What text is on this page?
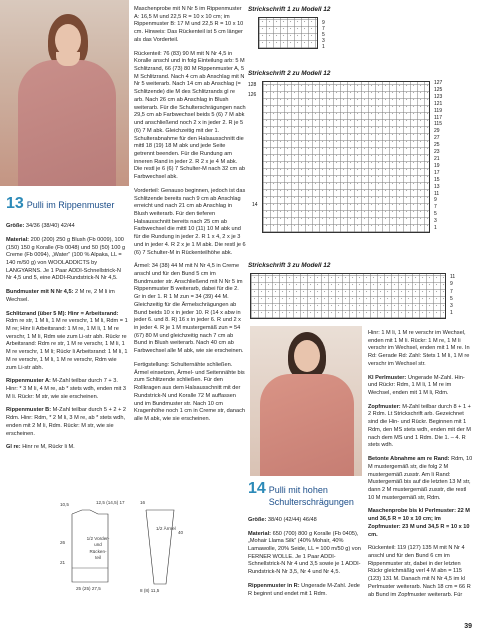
13 Pulli im Rippenmuster

Größe: 34/36 (38/40) 42/44

Material: 200 (200) 250 g Blush (Fb 0009), 100 (150) 150 g Koralle (Fb 0048) und 50 (50) 100 g Creme (Fb 0094), „Water“ (100 % Alpaka, LL = 140 m/50 g) von WOOLADDICTS by LANGYARNS. Je 1 Paar ADDI-Schnellstrick-N Nr 4,5 und 5, eine ADDI-Rundstrick-N Nr 4,5.

Bundmuster mit N Nr 4,5: 2 M re, 2 M li im Wechsel.

Schlitzrand (über 5 M): Hinr = Arbeitsrand: Rdm re str, 1 M li, 1 M re verschr, 1 M li, Rdm = 1 M re; Hinr li Arbeitsrand: 1 M re, 1 M li, 1 M re verschr, 1 M li, Rdm wie zum Li-str abh. Rückr re Arbeitsrand: Rdm re str, 1 M re verschr, 1 M li, 1 M re verschr, 1 M li; Rückr li Arbeitsrand: 1 M li, 1 M re verschr, 1 M li, 1 M re verschr, Rdm wie zum Li-str abh.

Rippenmuster A: M-Zahl teilbar durch 7 + 3. Hinr: * 3 M li, 4 M re, ab * stets wdh, enden mit 3 M li. Rückr: M str, wie sie erscheinen.

Rippenmuster B: M-Zahl teilbar durch 5 + 2 + 2 Rdm. Hinr: Rdm, * 2 M li, 3 M re, ab * stets wdh, enden mit 2 M li, Rdm. Rückr: M str, wie sie erscheinen.

Gl re: Hinr re M, Rückr li M.

1/2 Vorder- und Rücken- teil
10,5	12,5 (14,5) 17
26
21
25 (25) 27,5
1/2 Ärmel
16
40
8 (8) 11,5

Maschenprobe mit N Nr 5 im Rippenmuster A: 16,5 M und 22,5 R = 10 x 10 cm; im Rippenmuster B: 17 M und 22,5 R = 10 x 10 cm. Hinweis: Das Rückenteil ist 5 cm länger als das Vorderteil.

Rückenteil: 76 (83) 90 M mit N Nr 4,5 in Koralle anschl und in folg Einteilung arb: 5 M Schlitzrand, 66 (73) 80 M Rippenmuster A, 5 M Schlitzrand. Nach 4 cm ab Anschlag mit N Nr 5 weiterarb. Nach 14 cm ab Anschlag (= Schlitzende) die M des Schlitzrands gl re arb. Nach 26 cm ab Anschlag in Blush weiterarb. Für die Schulterschrägungen nach 29,5 cm ab Farbwechsel beids 5 (6) 7 M abk und anschließend noch 2 x in jeder 2. R je 5 (6) 7 M abk. Gleichzeitig mit der 1. Schulterabnahme für den Halsausschnitt die mittl 18 (19) 18 M abk und jede Seite getrennt beenden. Für die Rundung am inneren Rand in jeder 2. R 2 x je 4 M abk. Die restl je 6 (6) 7 Schulter-M nach 32 cm ab Farbwechsel abk.

Vorderteil: Genauso beginnen, jedoch ist das Schlitzende bereits nach 9 cm ab Anschlag erreicht und nach 21 cm ab Anschlag in Blush weiterarb. Für den tieferen Halsausschnitt bereits nach 25 cm ab Farbwechsel die mittl 10 (11) 10 M abk und für die Rundung in jeder 2. R 1 x 4, 2 x je 3 und in jeder 4. R 2 x je 1 M abk. Die restl je 6 (6) 7 Schulter-M in Rückenteilhöhe abk.

Ärmel: 34 (38) 44 M mit N Nr 4,5 in Creme anschl und für den Bund 5 cm im Bundmuster str. Anschließend mit N Nr 5 im Rippenmuster B weiterarb, dabei für die 2. Gr in der 1. R 1 M zun = 34 (39) 44 M. Gleichzeitig für die Ärmelschrägungen ab Bund beids 10 x in jeder 10. R (14 x abw in jeder 6. und 8. R) 16 x in jeder 6. R und 2 x in jeder 4. R je 1 M mustergemäß zun = 54 (67) 80 M und gleichzeitig nach 7 cm ab Bund in Blush weiterarb. Nach 40 cm ab Farbwechsel alle M abk, wie sie erscheinen.

Fertigstellung: Schulternähte schließen. Ärmel einsetzen, Ärmel- und Seitennähte bis zum Schlitzende schließen. Für den Rollkragen aus dem Halsausschnitt mit der Rundstrick-N und Koralle 72 M auffassen und im Bundmuster str. Nach 10 cm Kragenhöhe noch 1 cm in Creme str, danach alle M abk, wie sie erscheinen.

14 Pulli mit hohen Schulterschrägungen

Größe: 38/40 (42/44) 46/48

Material: 650 (700) 800 g Koralle (Fb 0405), „Mohair Llama Silk“ (40% Mohair, 40% Lamawolle, 20% Seide, LL = 100 m/50 g) von FERNER WOLLE. Je 1 Paar ADDI-Schnellstrick-N Nr 4 und 3,5 sowie je 1 ADDI-Rundstrick-N Nr 3,5, Nr 4 und Nr 4,5.

Rippenmuster in R: Ungerade M-Zahl. Jede R beginnt und endet mit 1 Rdm.

Strickschrift 1 zu Modell 12
9
7
5
3
1
Strickschrift 2 zu Modell 12
128
126
14
127
125
123
121
119
117
115
29
27
25
23
21
19
17
15
13
11
9
7
5
3
1
Strickschrift 3 zu Modell 12
11
9
7
5
3
1

Hinr: 1 M li, 1 M re verschr im Wechsel, enden mit 1 M li. Rückr: 1 M re, 1 M li verschr im Wechsel, enden mit 1 M re. In Rd: Gerade Rd: Zahl: Stets 1 M li, 1 M re verschr im Wechsel str.

Kl Perlmuster: Ungerade M-Zahl. Hin- und Rückr: Rdm, 1 M li, 1 M re im Wechsel, enden mit 1 M li, Rdm.

Zopfmuster: M-Zahl teilbar durch 8 + 1 + 2 Rdm. Lt Strickschrift arb. Gezeichnet sind die Hin- und Rückr. Beginnen mit 1 Rdm, den MS stets wdh, enden mit der M nach dem MS und 1 Rdm. Die 1. – 4. R stets wdh.

Betonte Abnahme am re Rand: Rdm, 10 M mustergemäß str, die folg 2 M mustergemäß zusstr. Am li Rand: Mustergemäß bis auf die letzten 13 M str, dann 2 M mustergemäß zusstr, die restl 10 M mustergemäß str, Rdm.

Maschenprobe bis kl Perlmuster: 22 M und 36,5 R = 10 x 10 cm; im Zopfmuster: 23 M und 34,5 R = 10 x 10 cm.

Rückenteil: 119 (127) 135 M mit N Nr 4 anschl und für den Bund 6 cm im Rippenmuster str, dabei in der letzten Rückr gleichmäßig verl 4 M abn = 115 (123) 131 M. Danach mit N Nr 4,5 im kl Perlmuster weiterarb. Nach 18 cm = 66 R ab Bund im Zopfmuster weiterarb. Für

39
